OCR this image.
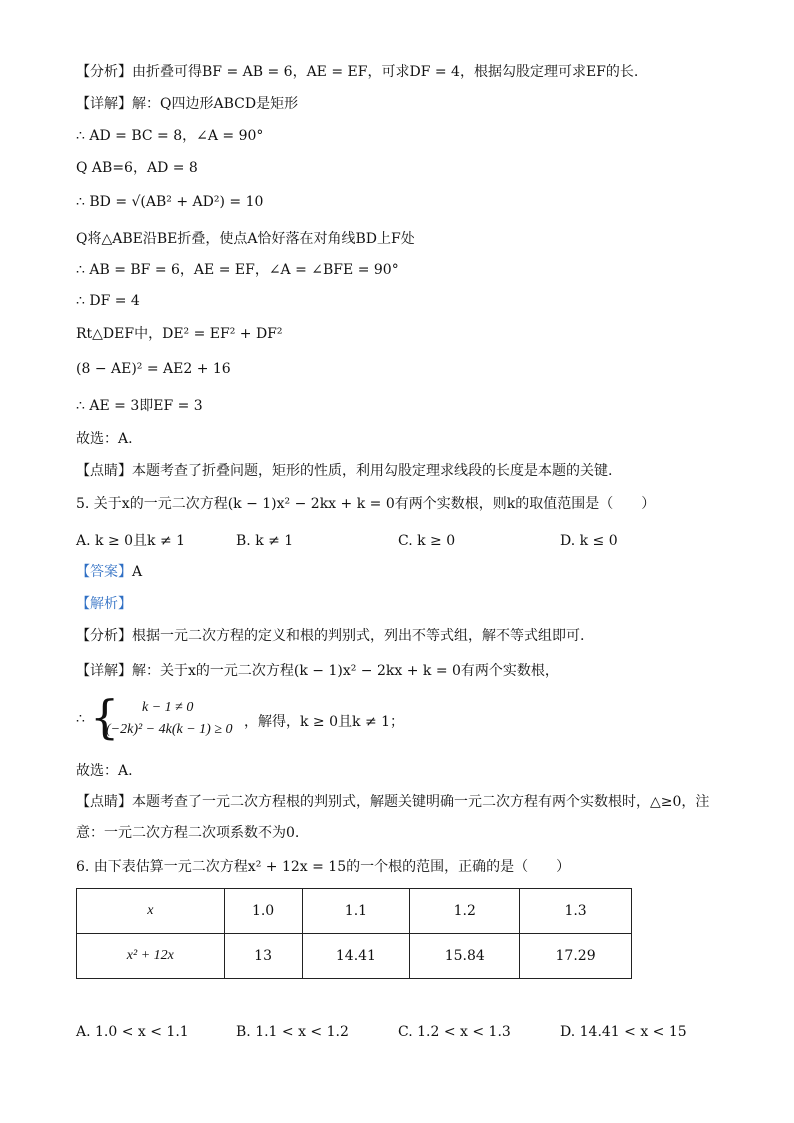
【分析】由折叠可得BF = AB = 6，AE = EF，可求DF = 4，根据勾股定理可求EF的长.
【详解】解：Q四边形ABCD是矩形
∴ AD = BC = 8，∠A = 90°
Q AB=6，AD = 8
∴ BD = √(AB² + AD²) = 10
Q将△ABE沿BE折叠，使点A恰好落在对角线BD上F处
∴ AB = BF = 6，AE = EF，∠A = ∠BFE = 90°
∴ DF = 4
Rt△DEF中，DE² = EF² + DF²
(8 − AE)² = AE2 + 16
∴ AE = 3即EF = 3
故选：A.
【点睛】本题考查了折叠问题，矩形的性质，利用勾股定理求线段的长度是本题的关键.
5. 关于x的一元二次方程(k − 1)x² − 2kx + k = 0有两个实数根，则k的取值范围是（　　）
A. k ≥ 0且k ≠ 1	B. k ≠ 1	C. k ≥ 0	D. k ≤ 0
【答案】A
【解析】
【分析】根据一元二次方程的定义和根的判别式，列出不等式组，解不等式组即可.
【详解】解：关于x的一元二次方程(k − 1)x² − 2kx + k = 0有两个实数根，
∴ { k − 1 ≠ 0
(−2k)² − 4k(k − 1) ≥ 0 ，解得，k ≥ 0且k ≠ 1；
故选：A.
【点睛】本题考查了一元二次方程根的判别式，解题关键明确一元二次方程有两个实数根时，△≥0，注
意：一元二次方程二次项系数不为0.
6. 由下表估算一元二次方程x² + 12x = 15的一个根的范围，正确的是（　　）
x	1.0	1.1	1.2	1.3
x² + 12x	13	14.41	15.84	17.29
A. 1.0 < x < 1.1	B. 1.1 < x < 1.2	C. 1.2 < x < 1.3	D. 14.41 < x < 15
